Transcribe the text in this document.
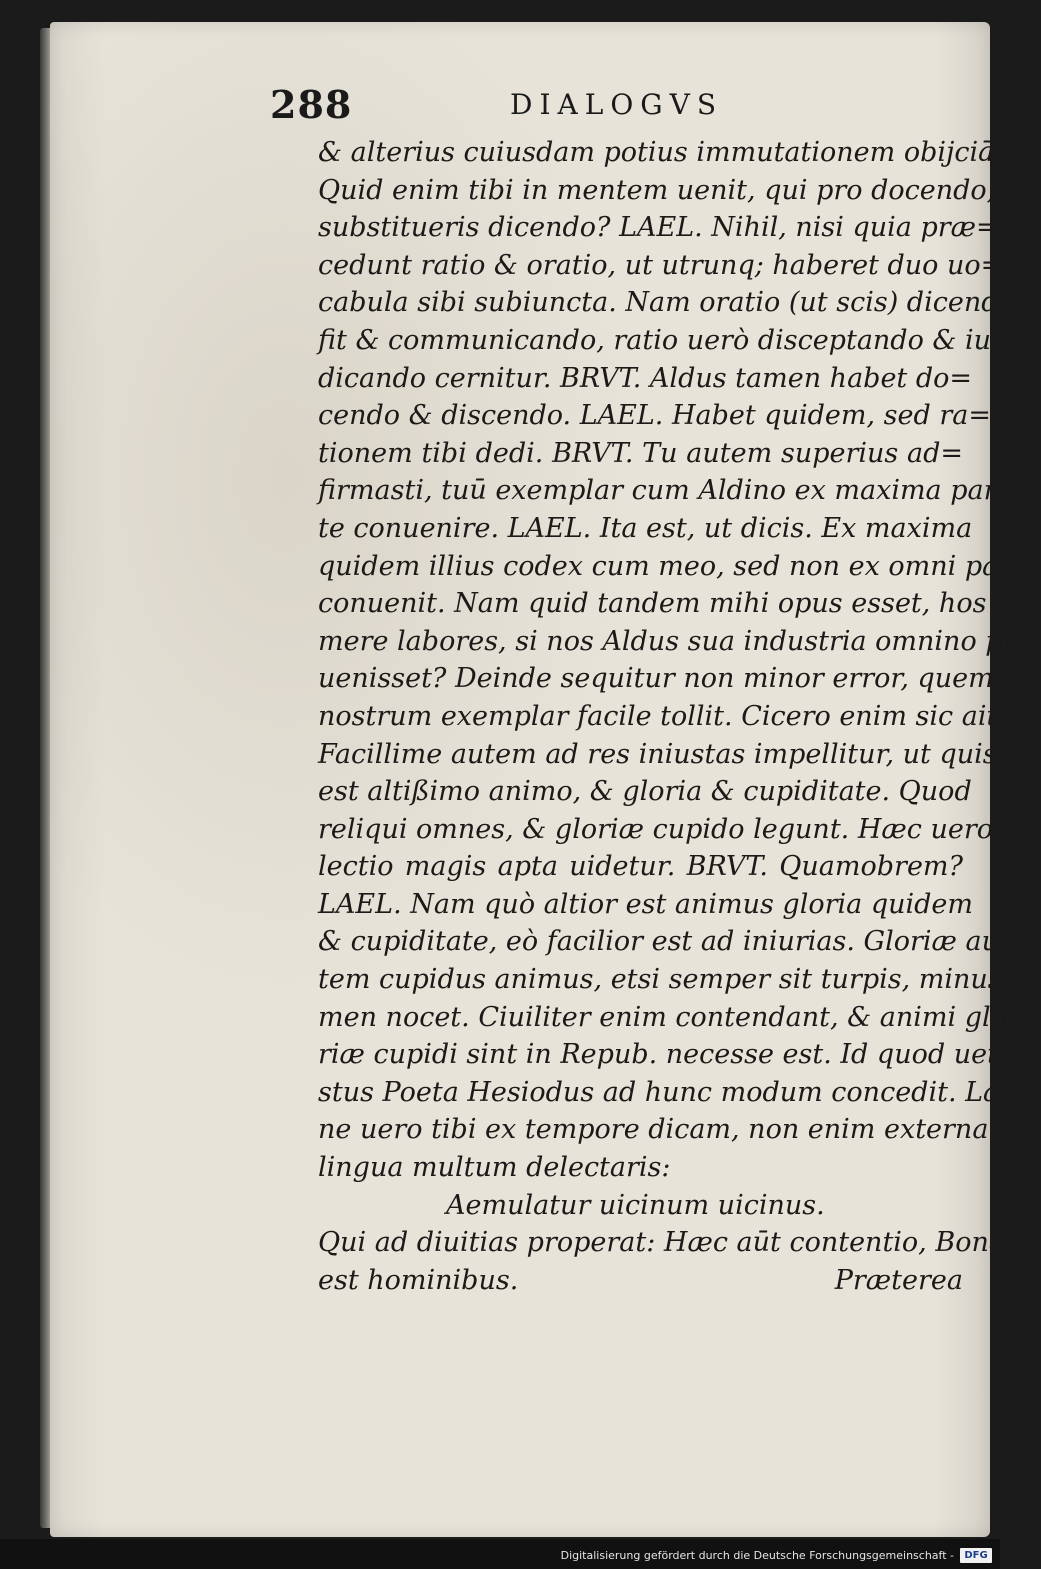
288	DIALOGVS
& alterius cuiusdam potius immutationem obijciā.
Quid enim tibi in mentem uenit, qui pro docendo,
substitueris dicendo? LAEL. Nihil, nisi quia præ=
cedunt ratio & oratio, ut utrunq; haberet duo uo=
cabula sibi subiuncta. Nam oratio (ut scis) dicendo
fit & communicando, ratio uerò disceptando & iu
dicando cernitur. BRVT. Aldus tamen habet do=
cendo & discendo. LAEL. Habet quidem, sed ra=
tionem tibi dedi. BRVT. Tu autem superius ad=
firmasti, tuū exemplar cum Aldino ex maxima par=
te conuenire. LAEL. Ita est, ut dicis. Ex maxima
quidem illius codex cum meo, sed non ex omni parte
conuenit. Nam quid tandem mihi opus esset, hos su-
mere labores, si nos Aldus sua industria omnino præ
uenisset? Deinde sequitur non minor error, quem
nostrum exemplar facile tollit. Cicero enim sic ait,
Facillime autem ad res iniustas impellitur, ut quisq;
est altißimo animo, & gloria & cupiditate. Quod
reliqui omnes, & gloriæ cupido legunt. Hæc uero
lectio magis apta uidetur. BRVT. Quamobrem?
LAEL. Nam quò altior est animus gloria quidem
& cupiditate, eò facilior est ad iniurias. Gloriæ au-
tem cupidus animus, etsi semper sit turpis, minus ta
men nocet. Ciuiliter enim contendant, & animi glo
riæ cupidi sint in Repub. necesse est. Id quod uetu=
stus Poeta Hesiodus ad hunc modum concedit. Lati=
ne uero tibi ex tempore dicam, non enim externa
lingua multum delectaris:
Aemulatur uicinum uicinus.
Qui ad diuitias properat: Hæc aūt contentio, Bona
est hominibus.	Præterea
Digitalisierung gefördert durch die Deutsche Forschungsgemeinschaft -	DFG
